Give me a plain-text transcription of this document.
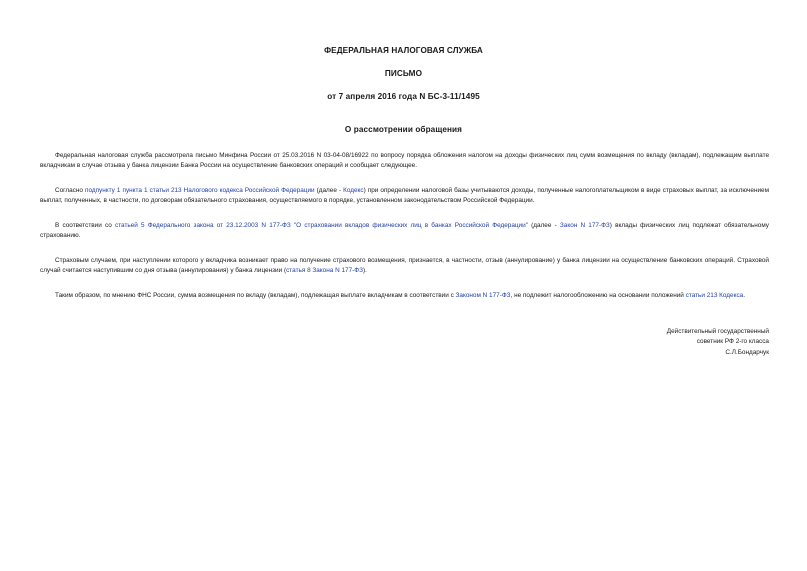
ФЕДЕРАЛЬНАЯ НАЛОГОВАЯ СЛУЖБА
ПИСЬМО
от 7 апреля 2016 года N БС-3-11/1495
О рассмотрении обращения

Федеральная налоговая служба рассмотрела письмо Минфина России от 25.03.2016 N 03-04-08/16922 по вопросу порядка обложения налогом на доходы физических лиц сумм возмещения по вкладу (вкладам), подлежащим выплате вкладчикам в случае отзыва у банка лицензии Банка России на осуществление банковских операций и сообщает следующее.

Согласно подпункту 1 пункта 1 статьи 213 Налогового кодекса Российской Федерации (далее - Кодекс) при определении налоговой базы учитываются доходы, полученные налогоплательщиком в виде страховых выплат, за исключением выплат, полученных, в частности, по договорам обязательного страхования, осуществляемого в порядке, установленном законодательством Российской Федерации.

В соответствии со статьей 5 Федерального закона от 23.12.2003 N 177-ФЗ "О страховании вкладов физических лиц в банках Российской Федерации" (далее - Закон N 177-ФЗ) вклады физических лиц подлежат обязательному страхованию.

Страховым случаем, при наступлении которого у вкладчика возникает право на получение страхового возмещения, признается, в частности, отзыв (аннулирование) у банка лицензии на осуществление банковских операций. Страховой случай считается наступившим со дня отзыва (аннулирования) у банка лицензии (статья 8 Закона N 177-ФЗ).

Таким образом, по мнению ФНС России, сумма возмещения по вкладу (вкладам), подлежащая выплате вкладчикам в соответствии с Законом N 177-ФЗ, не подлежит налогообложению на основании положений статьи 213 Кодекса.

Действительный государственный
советник РФ 2-го класса
С.Л.Бондарчук
